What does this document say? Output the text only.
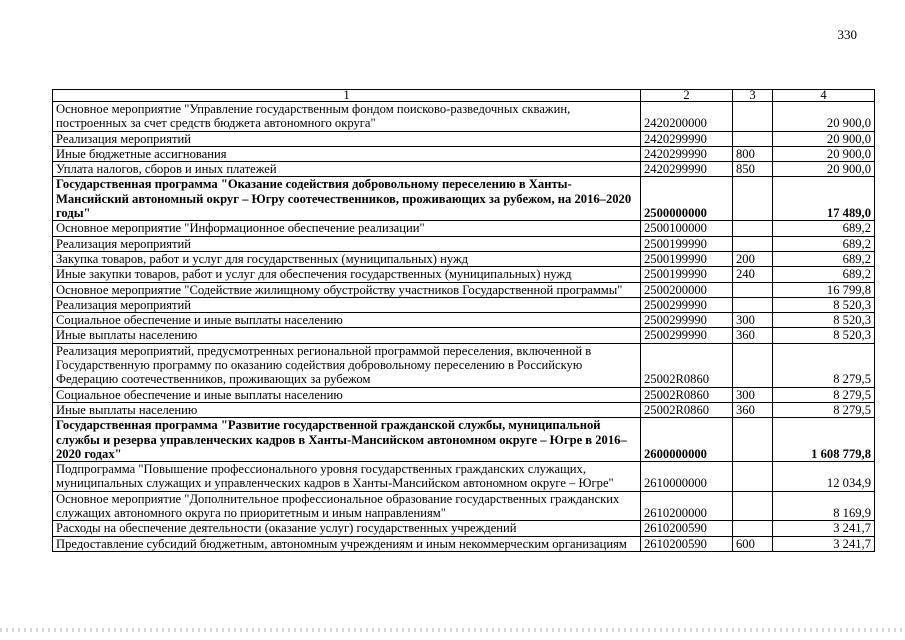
330
1	2	3	4
Основное мероприятие "Управление государственным фондом поисково-разведочных скважин, построенных за счет средств бюджета автономного округа"	2420200000		20 900,0
Реализация мероприятий	2420299990		20 900,0
Иные бюджетные ассигнования	2420299990	800	20 900,0
Уплата налогов, сборов и иных платежей	2420299990	850	20 900,0
Государственная программа "Оказание содействия добровольному переселению в Ханты-Мансийский автономный округ – Югру соотечественников, проживающих за рубежом, на 2016–2020 годы"	2500000000		17 489,0
Основное мероприятие "Информационное обеспечение реализации"	2500100000		689,2
Реализация мероприятий	2500199990		689,2
Закупка товаров, работ и услуг для государственных (муниципальных) нужд	2500199990	200	689,2
Иные закупки товаров, работ и услуг для обеспечения государственных (муниципальных) нужд	2500199990	240	689,2
Основное мероприятие "Содействие жилищному обустройству участников Государственной программы"	2500200000		16 799,8
Реализация мероприятий	2500299990		8 520,3
Социальное обеспечение и иные выплаты населению	2500299990	300	8 520,3
Иные выплаты населению	2500299990	360	8 520,3
Реализация мероприятий, предусмотренных региональной программой переселения, включенной в Государственную программу по оказанию содействия добровольному переселению в Российскую Федерацию соотечественников, проживающих за рубежом	25002R0860		8 279,5
Социальное обеспечение и иные выплаты населению	25002R0860	300	8 279,5
Иные выплаты населению	25002R0860	360	8 279,5
Государственная программа "Развитие государственной гражданской службы, муниципальной службы и резерва управленческих кадров в Ханты-Мансийском автономном округе – Югре в 2016–2020 годах"	2600000000		1 608 779,8
Подпрограмма "Повышение профессионального уровня государственных гражданских служащих, муниципальных служащих и управленческих кадров в Ханты-Мансийском автономном округе – Югре"	2610000000		12 034,9
Основное мероприятие "Дополнительное профессиональное образование государственных гражданских служащих автономного округа по приоритетным и иным направлениям"	2610200000		8 169,9
Расходы на обеспечение деятельности (оказание услуг) государственных учреждений	2610200590		3 241,7
Предоставление субсидий бюджетным, автономным учреждениям и иным некоммерческим организациям	2610200590	600	3 241,7
